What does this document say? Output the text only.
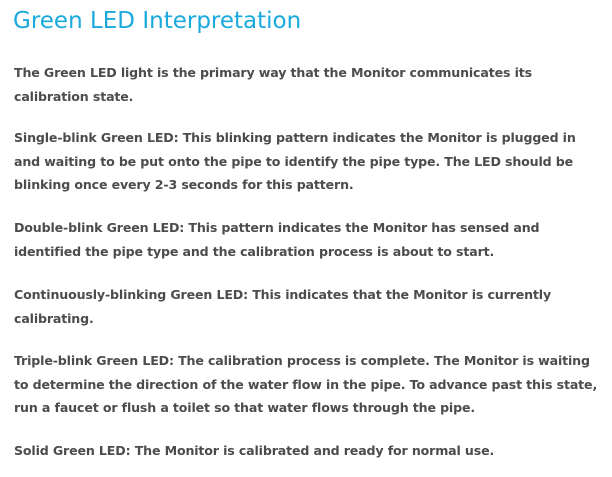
Green LED Interpretation

The Green LED light is the primary way that the Monitor communicates its calibration state.

Single-blink Green LED: This blinking pattern indicates the Monitor is plugged in and waiting to be put onto the pipe to identify the pipe type. The LED should be blinking once every 2-3 seconds for this pattern.

Double-blink Green LED: This pattern indicates the Monitor has sensed and identified the pipe type and the calibration process is about to start.

Continuously-blinking Green LED: This indicates that the Monitor is currently calibrating.

Triple-blink Green LED: The calibration process is complete. The Monitor is waiting to determine the direction of the water flow in the pipe. To advance past this state, run a faucet or flush a toilet so that water flows through the pipe.

Solid Green LED: The Monitor is calibrated and ready for normal use.
